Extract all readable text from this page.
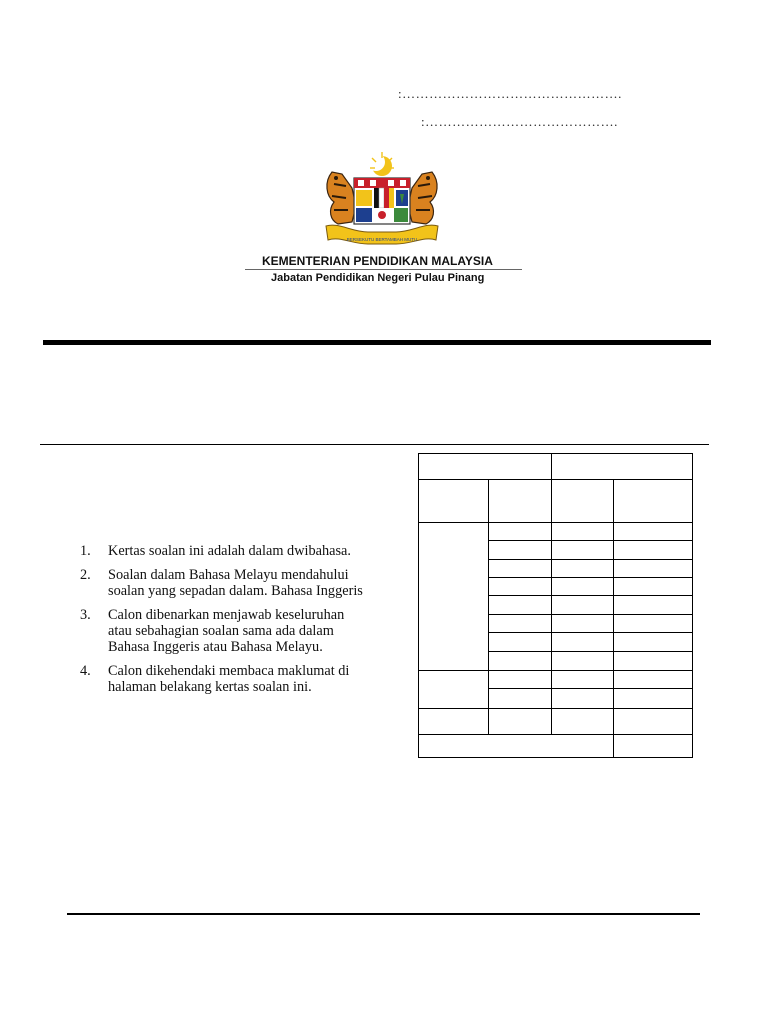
:………………………………………….
:…………………………………….
BERSEKUTU BERTAMBAH MUTU
KEMENTERIAN PENDIDIKAN MALAYSIA
Jabatan Pendidikan Negeri Pulau Pinang
1. Kertas soalan ini adalah dalam dwibahasa.
2. Soalan dalam Bahasa Melayu mendahului
soalan yang sepadan dalam. Bahasa Inggeris
3. Calon dibenarkan menjawab keseluruhan
atau sebahagian soalan sama ada dalam
Bahasa Inggeris atau Bahasa Melayu.
4. Calon dikehendaki membaca maklumat di
halaman belakang kertas soalan ini.
